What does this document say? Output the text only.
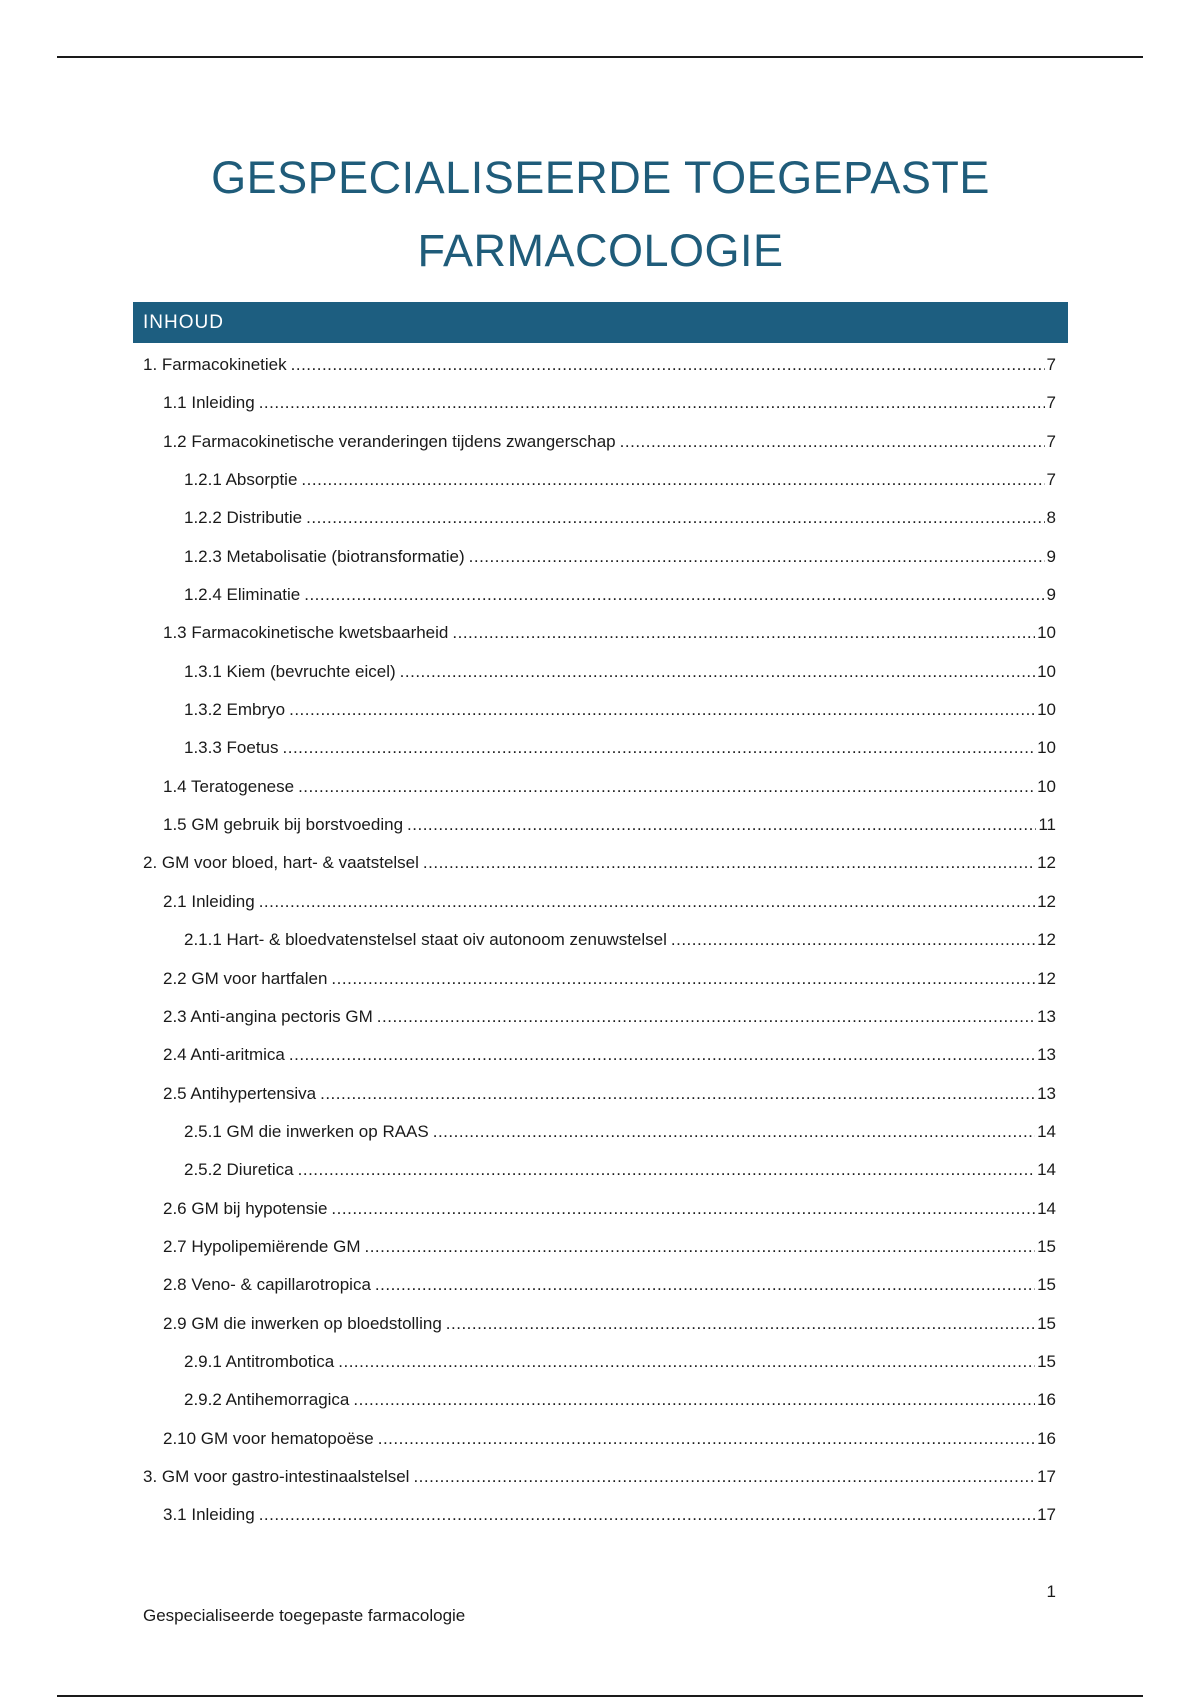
GESPECIALISEERDE TOEGEPASTE
FARMACOLOGIE
INHOUD
1. Farmacokinetiek .....	7
1.1 Inleiding .....	7
1.2 Farmacokinetische veranderingen tijdens zwangerschap .....	7
1.2.1 Absorptie .....	7
1.2.2 Distributie .....	8
1.2.3 Metabolisatie (biotransformatie) .....	9
1.2.4 Eliminatie .....	9
1.3 Farmacokinetische kwetsbaarheid .....	10
1.3.1 Kiem (bevruchte eicel) .....	10
1.3.2 Embryo .....	10
1.3.3 Foetus .....	10
1.4 Teratogenese .....	10
1.5 GM gebruik bij borstvoeding .....	11
2. GM voor bloed, hart- & vaatstelsel .....	12
2.1 Inleiding .....	12
2.1.1 Hart- & bloedvatenstelsel staat oiv autonoom zenuwstelsel .....	12
2.2 GM voor hartfalen .....	12
2.3 Anti-angina pectoris GM .....	13
2.4 Anti-aritmica .....	13
2.5 Antihypertensiva .....	13
2.5.1 GM die inwerken op RAAS .....	14
2.5.2 Diuretica .....	14
2.6 GM bij hypotensie .....	14
2.7 Hypolipemiërende GM .....	15
2.8 Veno- & capillarotropica .....	15
2.9 GM die inwerken op bloedstolling .....	15
2.9.1 Antitrombotica .....	15
2.9.2 Antihemorragica .....	16
2.10 GM voor hematopoëse .....	16
3. GM voor gastro-intestinaalstelsel .....	17
3.1 Inleiding .....	17
1
Gespecialiseerde toegepaste farmacologie
